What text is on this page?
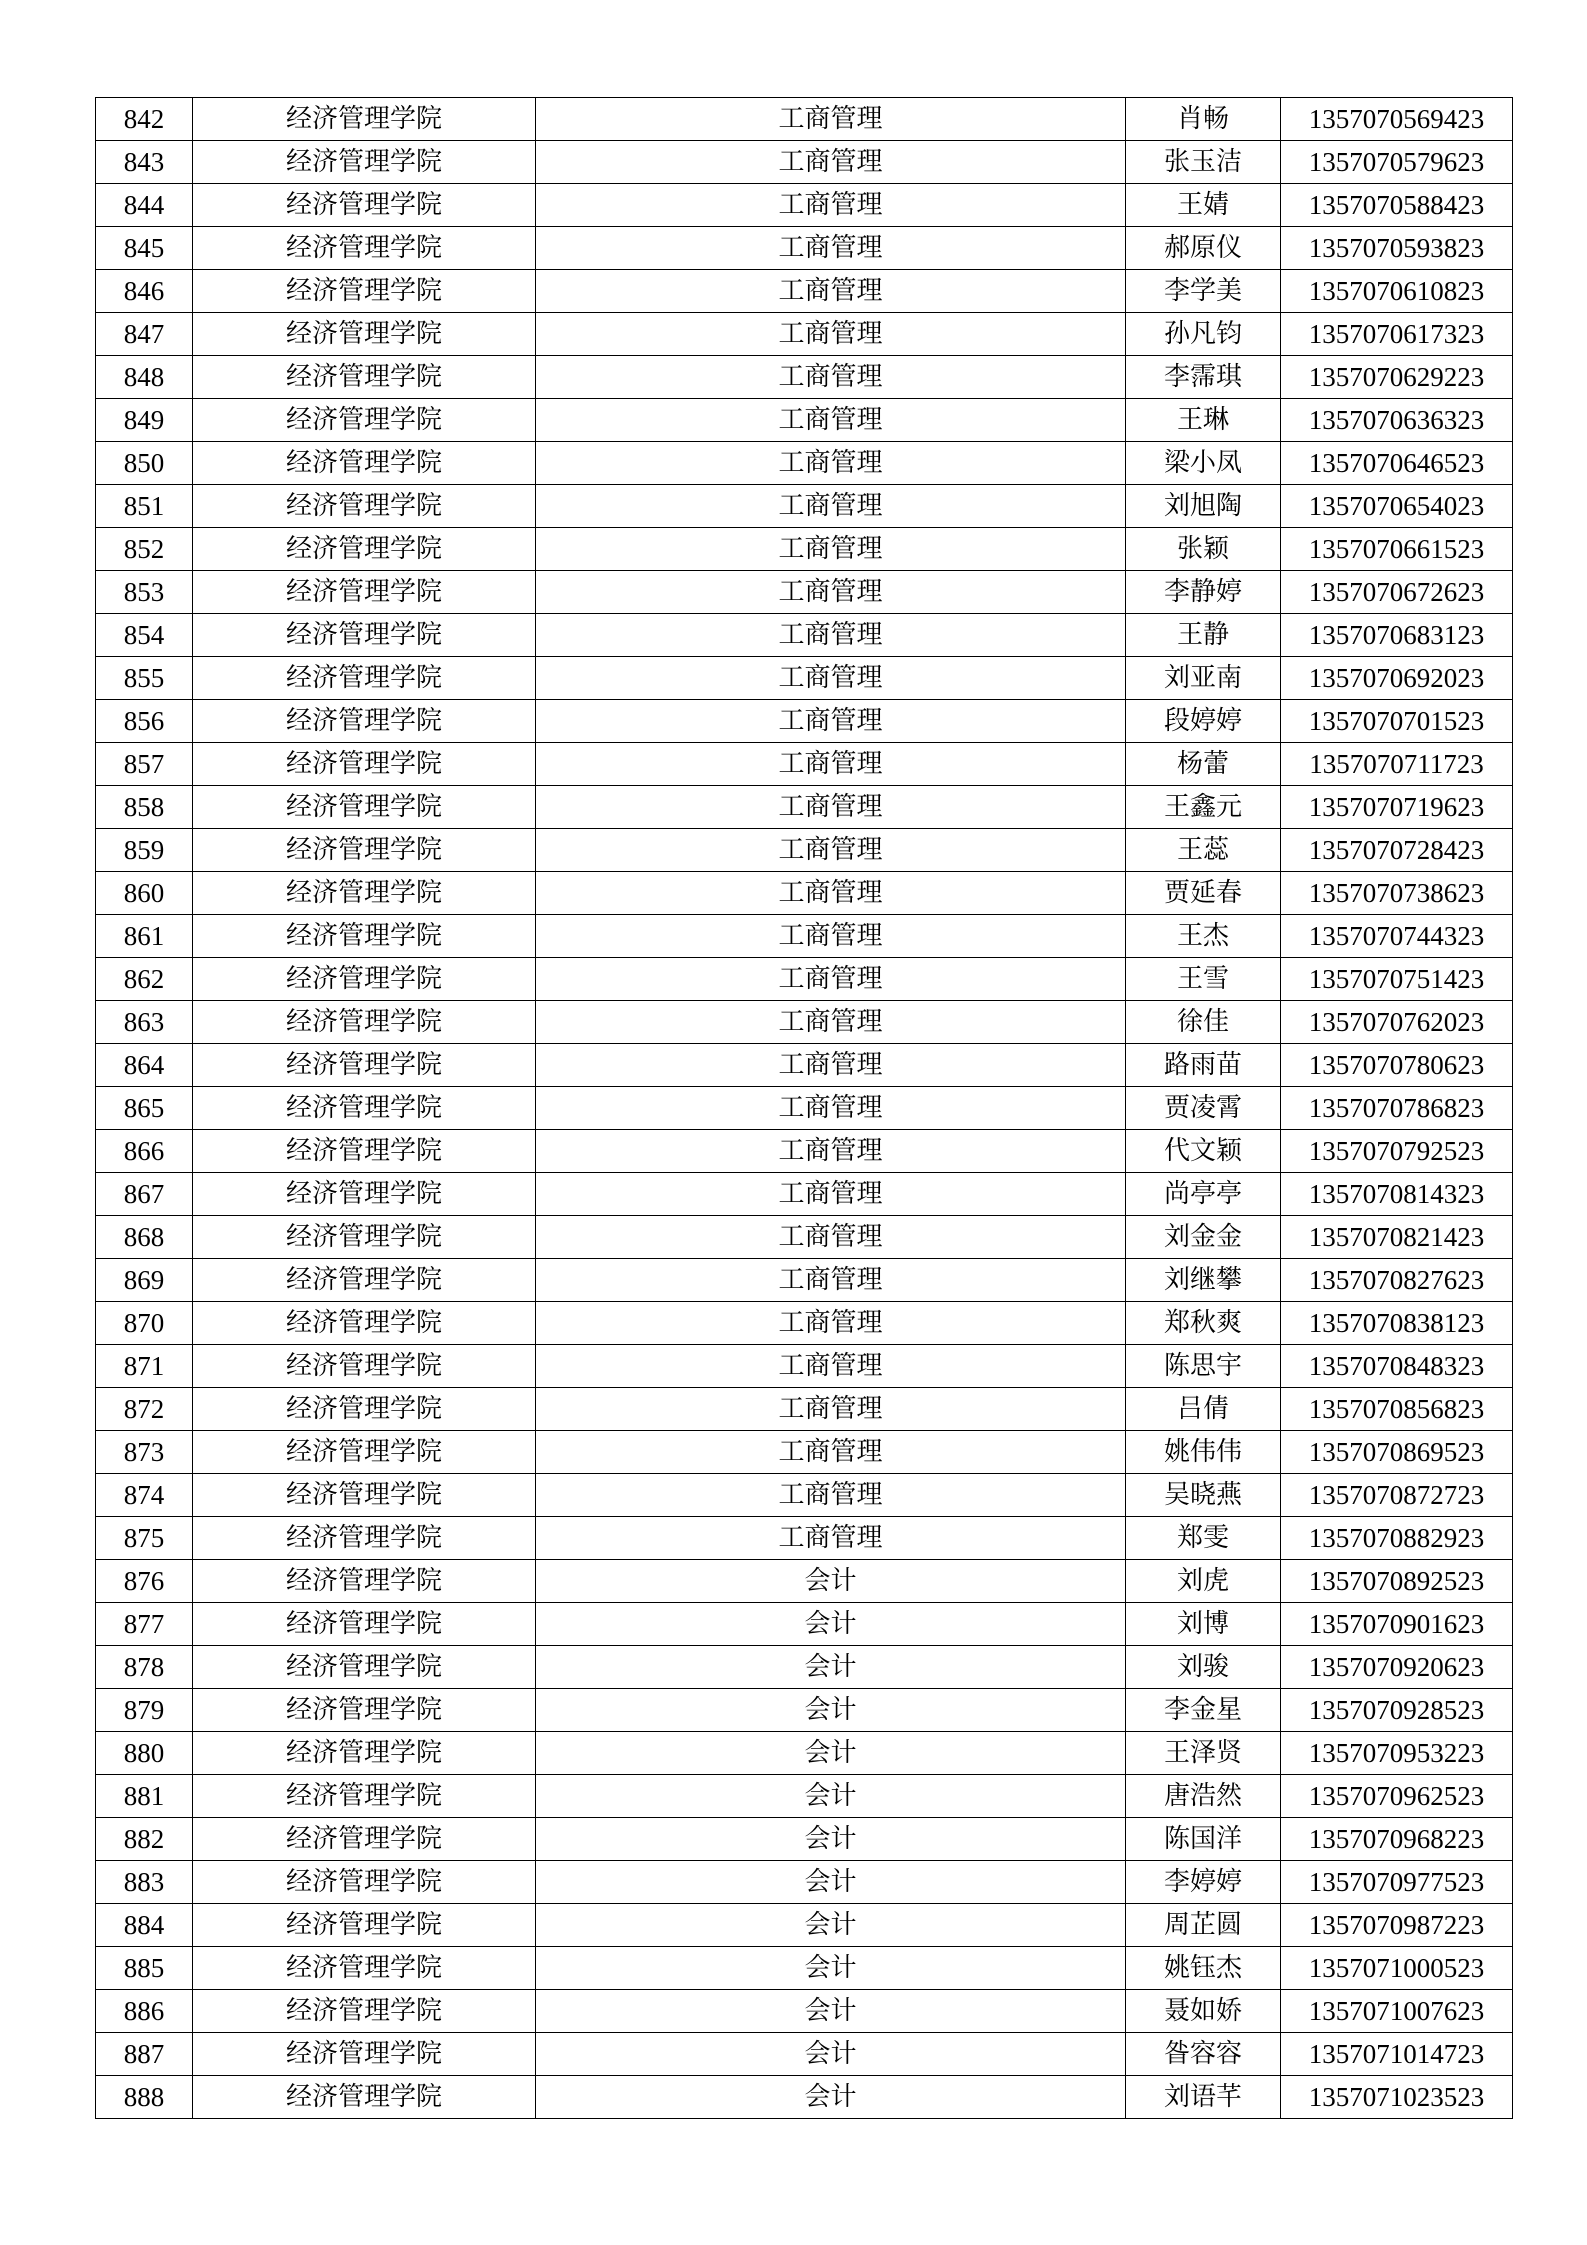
842	经济管理学院	工商管理	肖畅	1357070569423
843	经济管理学院	工商管理	张玉洁	1357070579623
844	经济管理学院	工商管理	王婧	1357070588423
845	经济管理学院	工商管理	郝原仪	1357070593823
846	经济管理学院	工商管理	李学美	1357070610823
847	经济管理学院	工商管理	孙凡钧	1357070617323
848	经济管理学院	工商管理	李霈琪	1357070629223
849	经济管理学院	工商管理	王琳	1357070636323
850	经济管理学院	工商管理	梁小凤	1357070646523
851	经济管理学院	工商管理	刘旭陶	1357070654023
852	经济管理学院	工商管理	张颖	1357070661523
853	经济管理学院	工商管理	李静婷	1357070672623
854	经济管理学院	工商管理	王静	1357070683123
855	经济管理学院	工商管理	刘亚南	1357070692023
856	经济管理学院	工商管理	段婷婷	1357070701523
857	经济管理学院	工商管理	杨蕾	1357070711723
858	经济管理学院	工商管理	王鑫元	1357070719623
859	经济管理学院	工商管理	王蕊	1357070728423
860	经济管理学院	工商管理	贾延春	1357070738623
861	经济管理学院	工商管理	王杰	1357070744323
862	经济管理学院	工商管理	王雪	1357070751423
863	经济管理学院	工商管理	徐佳	1357070762023
864	经济管理学院	工商管理	路雨苗	1357070780623
865	经济管理学院	工商管理	贾凌霄	1357070786823
866	经济管理学院	工商管理	代文颖	1357070792523
867	经济管理学院	工商管理	尚亭亭	1357070814323
868	经济管理学院	工商管理	刘金金	1357070821423
869	经济管理学院	工商管理	刘继攀	1357070827623
870	经济管理学院	工商管理	郑秋爽	1357070838123
871	经济管理学院	工商管理	陈思宇	1357070848323
872	经济管理学院	工商管理	吕倩	1357070856823
873	经济管理学院	工商管理	姚伟伟	1357070869523
874	经济管理学院	工商管理	吴晓燕	1357070872723
875	经济管理学院	工商管理	郑雯	1357070882923
876	经济管理学院	会计	刘虎	1357070892523
877	经济管理学院	会计	刘博	1357070901623
878	经济管理学院	会计	刘骏	1357070920623
879	经济管理学院	会计	李金星	1357070928523
880	经济管理学院	会计	王泽贤	1357070953223
881	经济管理学院	会计	唐浩然	1357070962523
882	经济管理学院	会计	陈国洋	1357070968223
883	经济管理学院	会计	李婷婷	1357070977523
884	经济管理学院	会计	周芷圆	1357070987223
885	经济管理学院	会计	姚钰杰	1357071000523
886	经济管理学院	会计	聂如娇	1357071007623
887	经济管理学院	会计	昝容容	1357071014723
888	经济管理学院	会计	刘语芊	1357071023523
